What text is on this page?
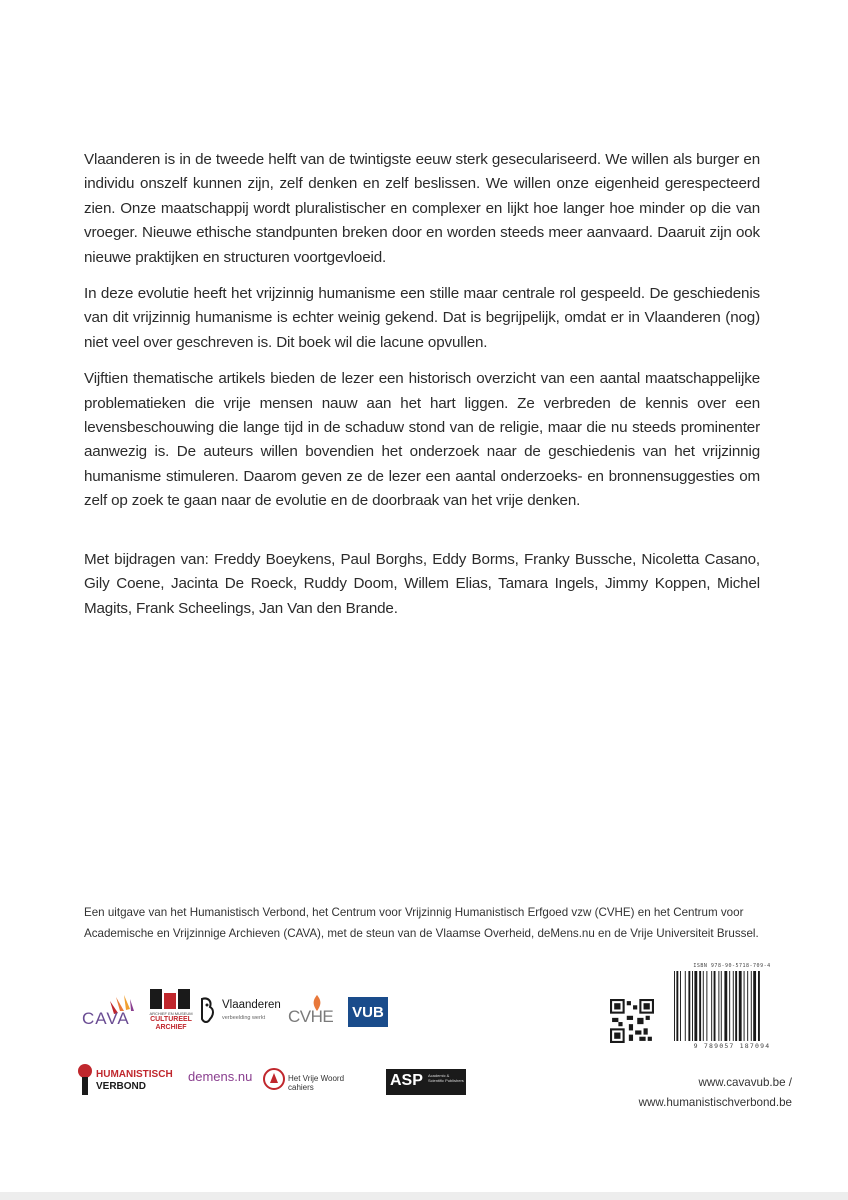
Vlaanderen is in de tweede helft van de twintigste eeuw sterk geseculariseerd. We willen als burger en individu onszelf kunnen zijn, zelf denken en zelf beslissen. We willen onze eigenheid gerespecteerd zien. Onze maatschappij wordt pluralistischer en complexer en lijkt hoe langer hoe minder op die van vroeger. Nieuwe ethische standpunten breken door en worden steeds meer aanvaard. Daaruit zijn ook nieuwe praktijken en structuren voortgevloeid.

In deze evolutie heeft het vrijzinnig humanisme een stille maar centrale rol gespeeld. De geschiedenis van dit vrijzinnig humanisme is echter weinig gekend. Dat is begrijpelijk, omdat er in Vlaanderen (nog) niet veel over geschreven is. Dit boek wil die lacune opvullen.

Vijftien thematische artikels bieden de lezer een historisch overzicht van een aantal maatschappelijke problematieken die vrije mensen nauw aan het hart liggen. Ze verbreden de kennis over een levensbeschouwing die lange tijd in de schaduw stond van de religie, maar die nu steeds prominenter aanwezig is. De auteurs willen bovendien het onderzoek naar de geschiedenis van het vrijzinnig humanisme stimuleren. Daarom geven ze de lezer een aantal onderzoeks- en bronnensuggesties om zelf op zoek te gaan naar de evolutie en de doorbraak van het vrije denken.

Met bijdragen van: Freddy Boeykens, Paul Borghs, Eddy Borms, Franky Bussche, Nicoletta Casano, Gily Coene, Jacinta De Roeck, Ruddy Doom, Willem Elias, Tamara Ingels, Jimmy Koppen, Michel Magits, Frank Scheelings, Jan Van den Brande.

Een uitgave van het Humanistisch Verbond, het Centrum voor Vrijzinnig Humanistisch Erfgoed vzw (CVHE) en het Centrum voor Academische en Vrijzinnige Archieven (CAVA), met de steun van de Vlaamse Overheid, deMens.nu en de Vrije Universiteit Brussel.
CAVA	ARCHIEF EN MUSEUM
CULTUREEL
ARCHIEF
Vlaanderen
verbeelding werkt CVHE VUB
HUMANISTISCH
VERBOND
demens.nu	Het Vrije Woord cahiers	ASP Academic & Scientific Publishers
ISBN 978-90-5718-709-4
9 789057 187094
www.cavavub.be /
www.humanistischverbond.be
